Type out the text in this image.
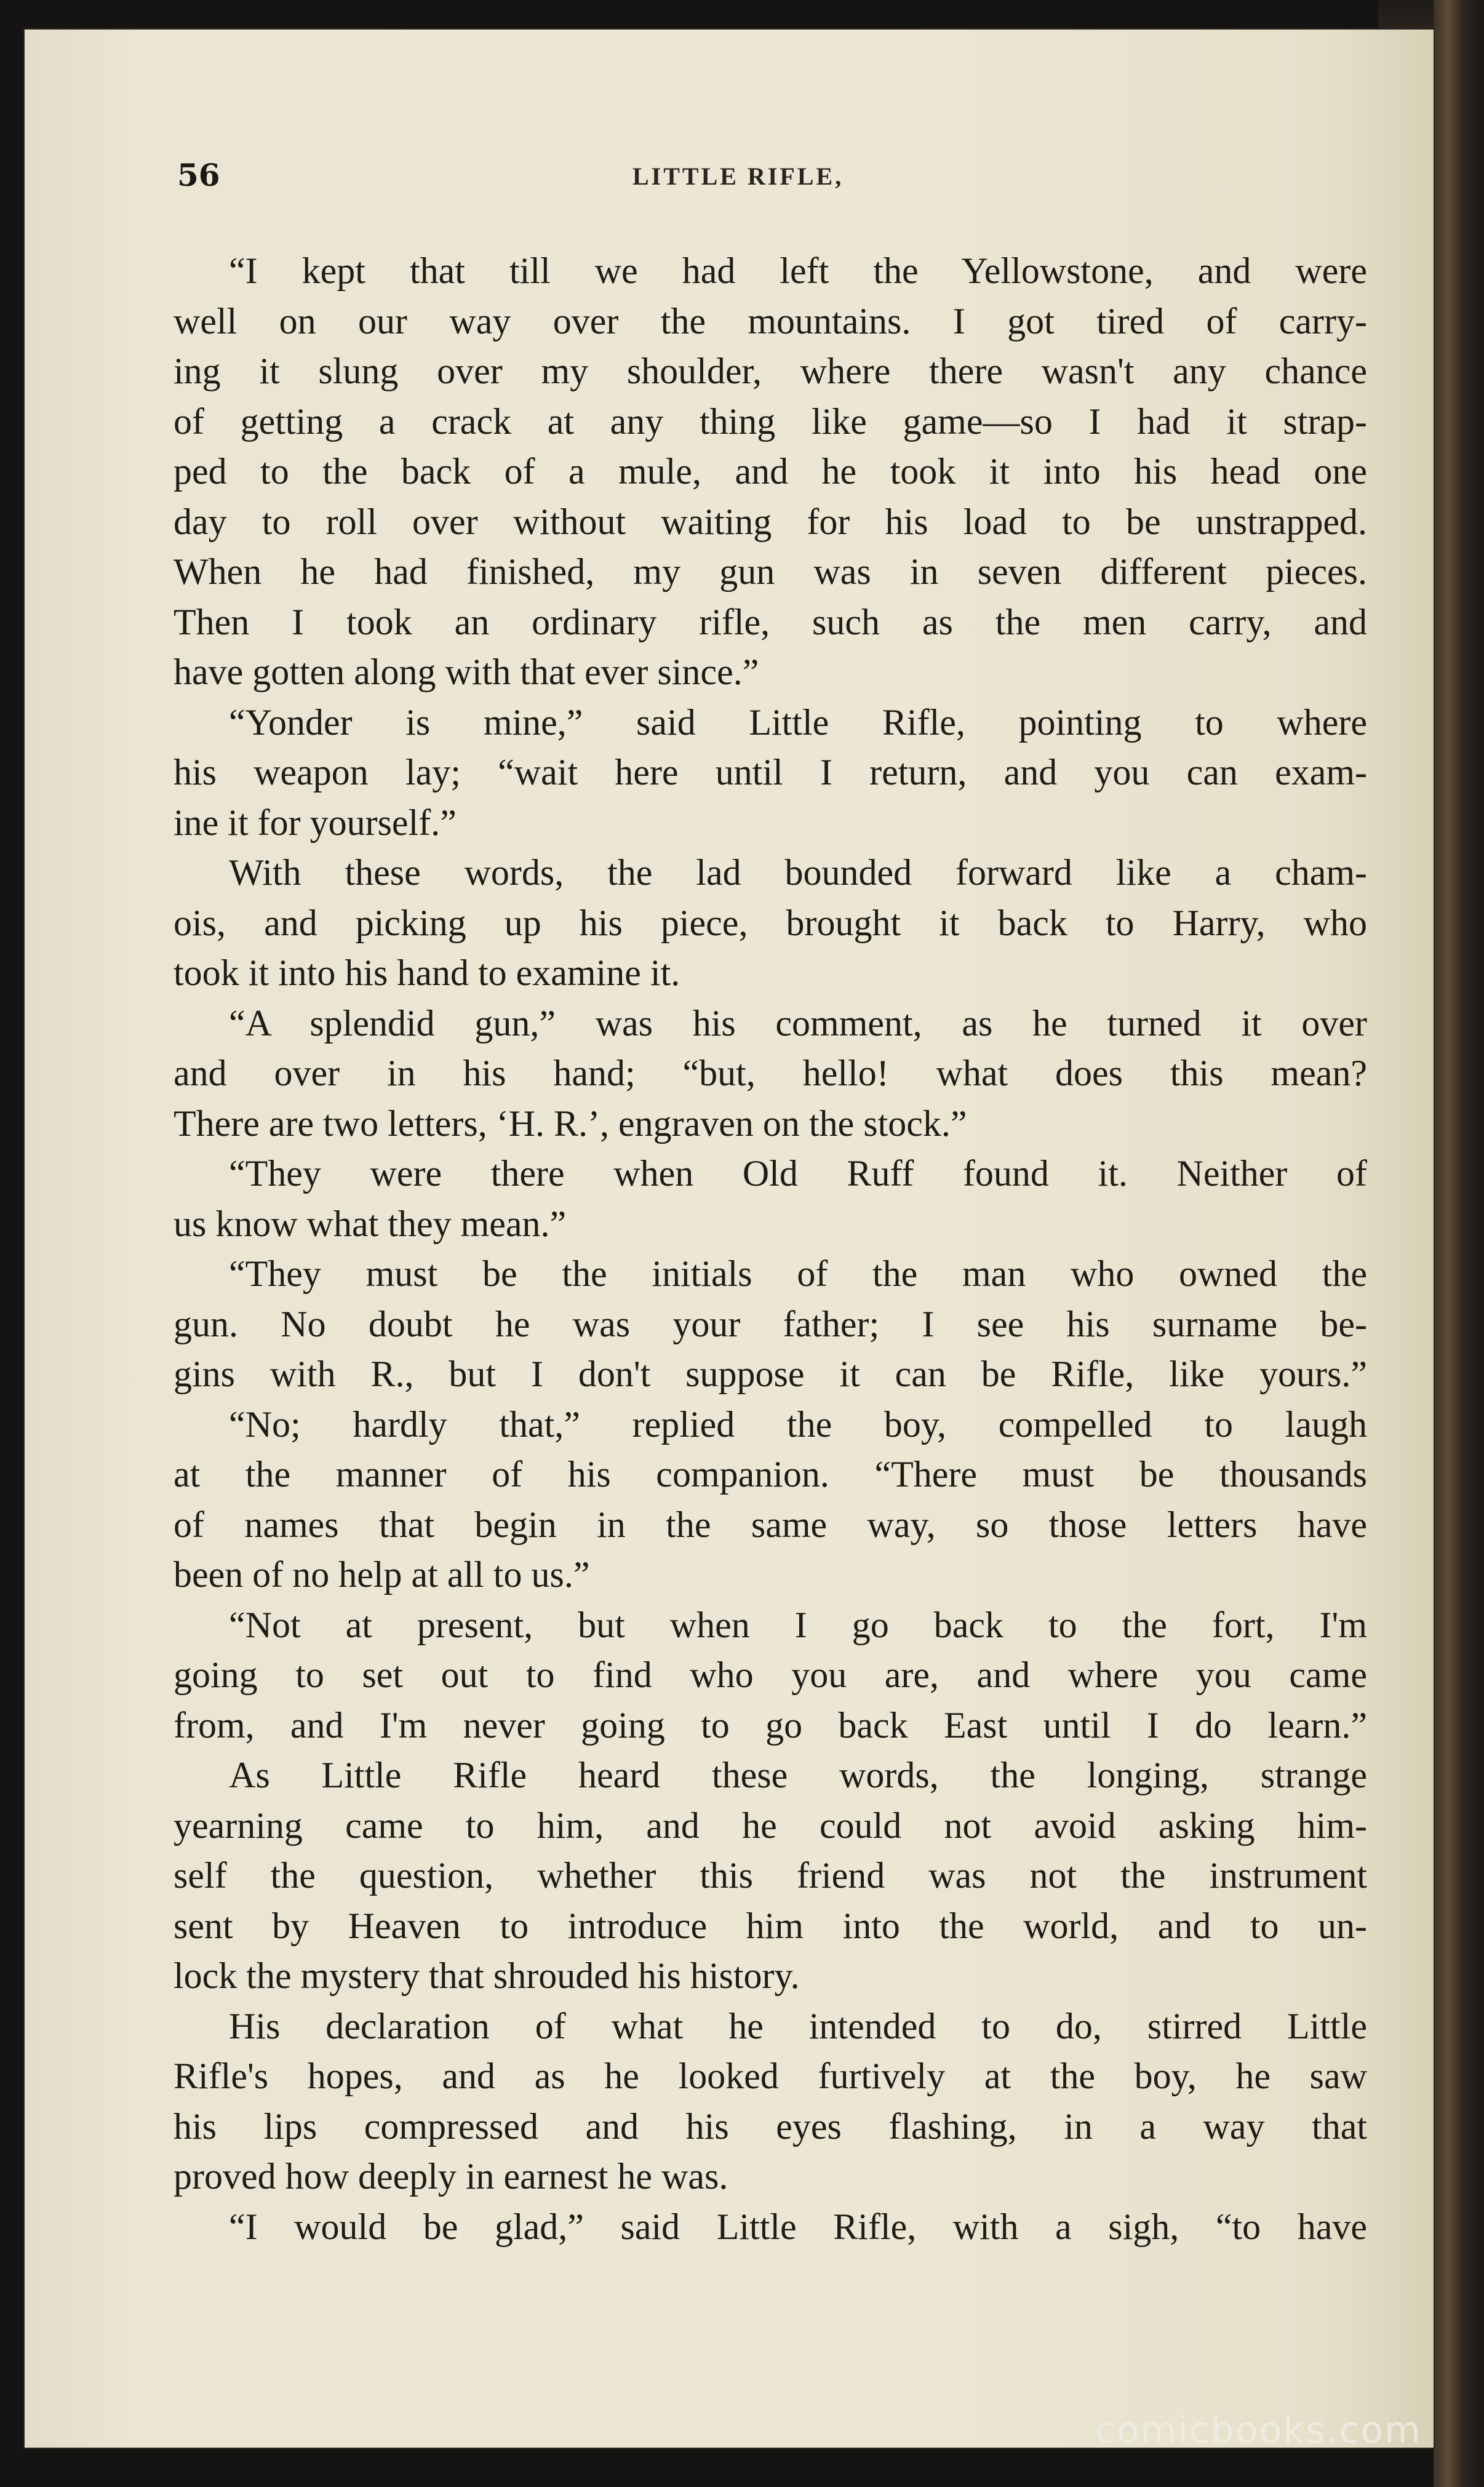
56	LITTLE RIFLE,
“I kept that till we had left the Yellowstone, and were
well on our way over the mountains. I got tired of carry-
ing it slung over my shoulder, where there wasn't any chance
of getting a crack at any thing like game—so I had it strap-
ped to the back of a mule, and he took it into his head one
day to roll over without waiting for his load to be unstrapped.
When he had finished, my gun was in seven different pieces.
Then I took an ordinary rifle, such as the men carry, and
have gotten along with that ever since.”
“Yonder is mine,” said Little Rifle, pointing to where
his weapon lay; “wait here until I return, and you can exam-
ine it for yourself.”
With these words, the lad bounded forward like a cham-
ois, and picking up his piece, brought it back to Harry, who
took it into his hand to examine it.
“A splendid gun,” was his comment, as he turned it over
and over in his hand; “but, hello! what does this mean?
There are two letters, ‘H. R.’, engraven on the stock.”
“They were there when Old Ruff found it. Neither of
us know what they mean.”
“They must be the initials of the man who owned the
gun. No doubt he was your father; I see his surname be-
gins with R., but I don't suppose it can be Rifle, like yours.”
“No; hardly that,” replied the boy, compelled to laugh
at the manner of his companion. “There must be thousands
of names that begin in the same way, so those letters have
been of no help at all to us.”
“Not at present, but when I go back to the fort, I'm
going to set out to find who you are, and where you came
from, and I'm never going to go back East until I do learn.”
As Little Rifle heard these words, the longing, strange
yearning came to him, and he could not avoid asking him-
self the question, whether this friend was not the instrument
sent by Heaven to introduce him into the world, and to un-
lock the mystery that shrouded his history.
His declaration of what he intended to do, stirred Little
Rifle's hopes, and as he looked furtively at the boy, he saw
his lips compressed and his eyes flashing, in a way that
proved how deeply in earnest he was.
“I would be glad,” said Little Rifle, with a sigh, “to have
comicbooks.com
